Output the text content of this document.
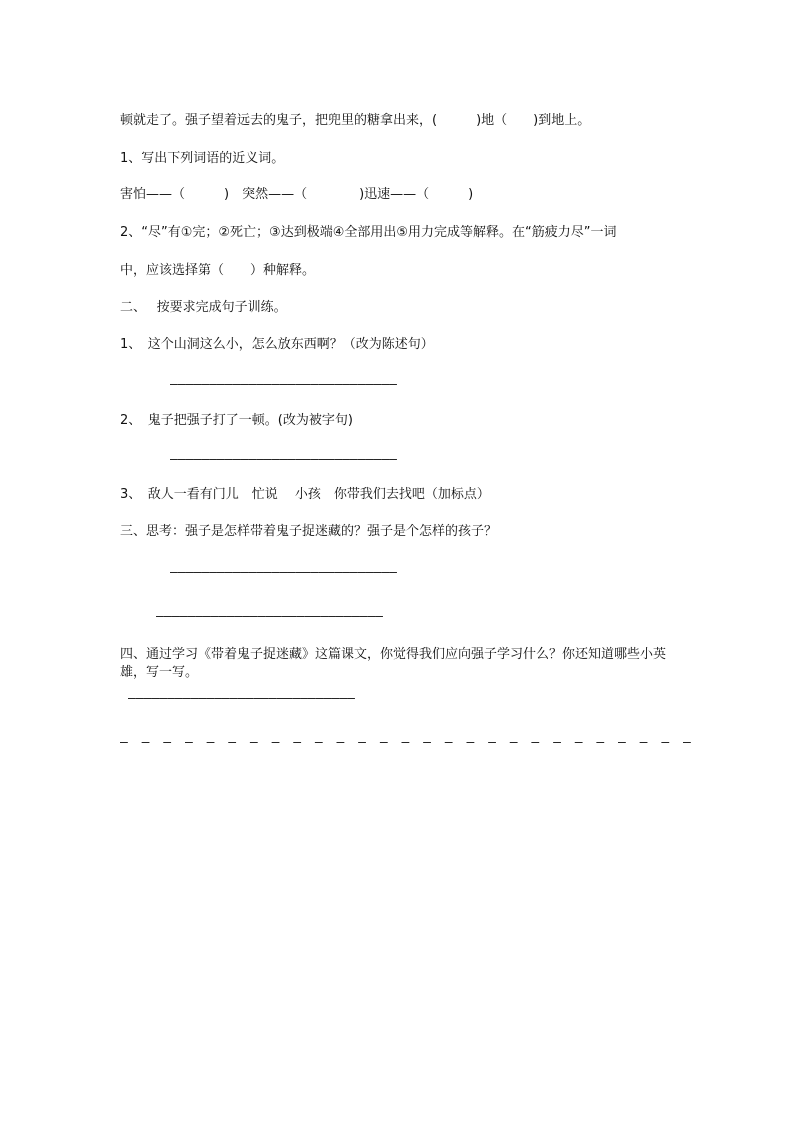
顿就走了。强子望着远去的鬼子，把兜里的糖拿出来，(　　　)地（　　)到地上。
1、写出下列词语的近义词。
害怕——（　　　)　突然——（　　　　)迅速——（　　　)
2、“尽”有①完；②死亡；③达到极端④全部用出⑤用力完成等解释。在“筋疲力尽”一词
中，应该选择第（　　）种解释。
二、　 按要求完成句子训练。
1、　这个山洞这么小，怎么放东西啊？（改为陈述句）
—————————————————————————————
2、　鬼子把强子打了一顿。(改为被字句)
—————————————————————————————
3、　敌人一看有门儿　忙说　 小孩　你带我们去找吧（加标点）
三、思考：强子是怎样带着鬼子捉迷藏的？强子是个怎样的孩子？
—————————————————————————————
—————————————————————————————
四、通过学习《带着鬼子捉迷藏》这篇课文，你觉得我们应向强子学习什么？你还知道哪些小英雄，写一写。
—————————————————————————————
— — — — — — — — — — — — — — — — — — — — — — — — — — —
